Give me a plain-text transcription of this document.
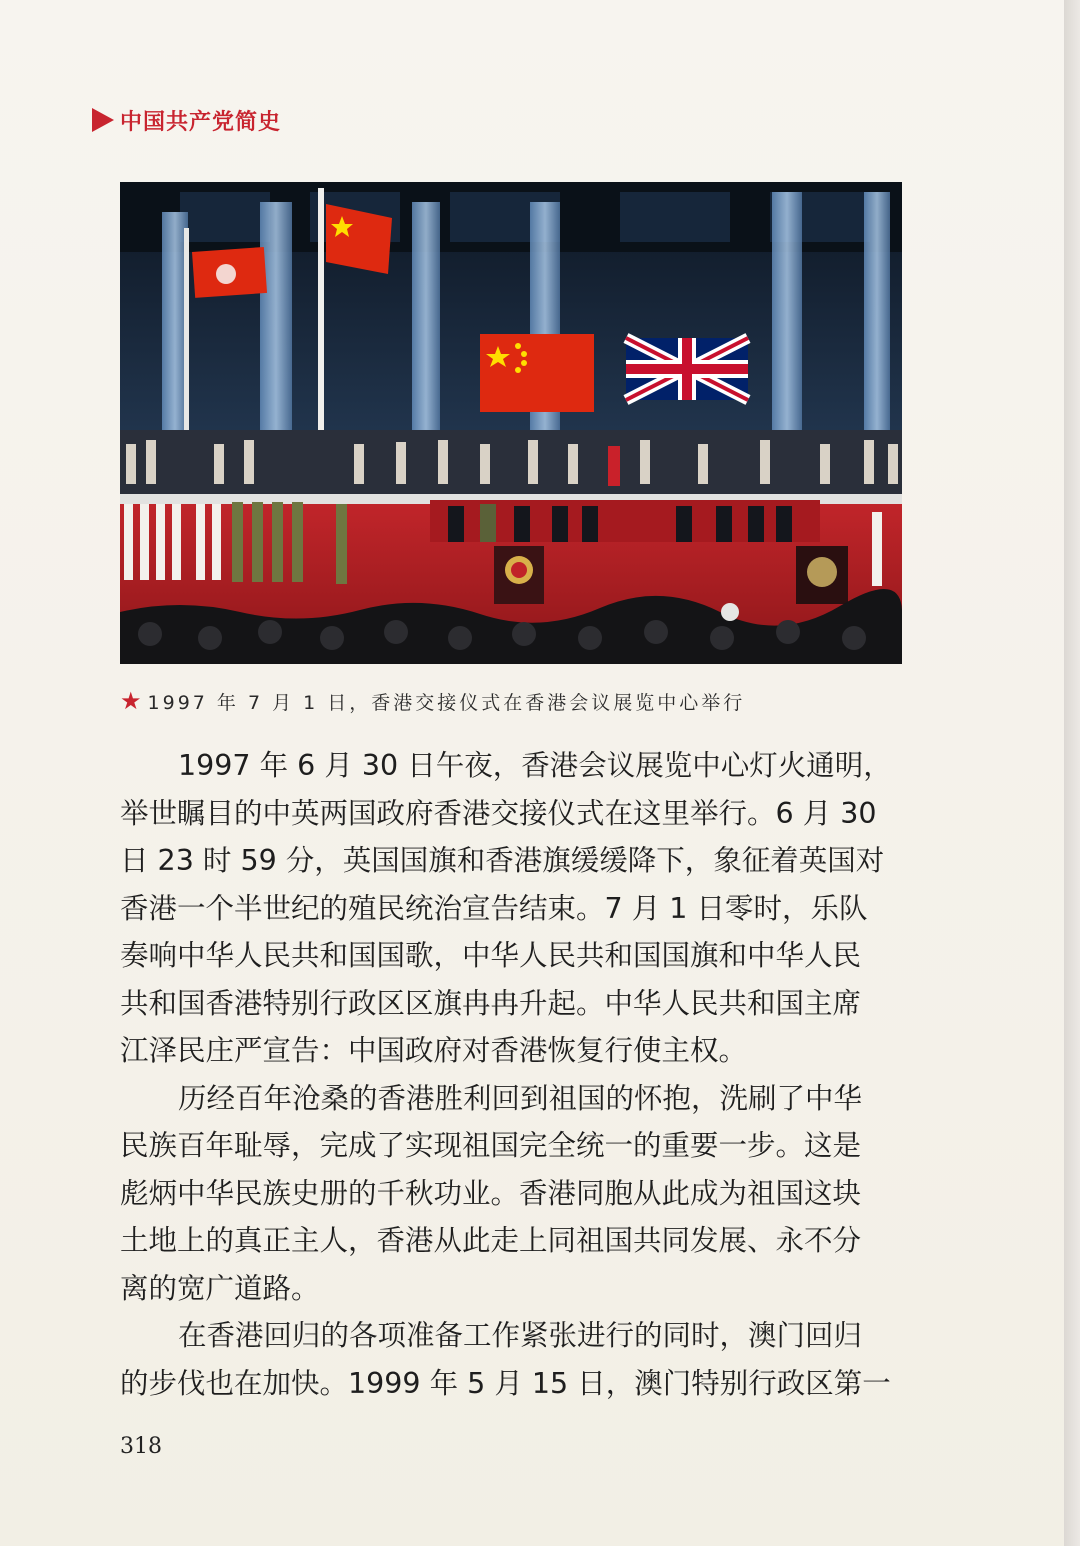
中国共产党简史
★ 1997 年 7 月 1 日，香港交接仪式在香港会议展览中心举行
1997 年 6 月 30 日午夜，香港会议展览中心灯火通明，
举世瞩目的中英两国政府香港交接仪式在这里举行。6 月 30
日 23 时 59 分，英国国旗和香港旗缓缓降下，象征着英国对
香港一个半世纪的殖民统治宣告结束。7 月 1 日零时，乐队
奏响中华人民共和国国歌，中华人民共和国国旗和中华人民
共和国香港特别行政区区旗冉冉升起。中华人民共和国主席
江泽民庄严宣告：中国政府对香港恢复行使主权。
历经百年沧桑的香港胜利回到祖国的怀抱，洗刷了中华
民族百年耻辱，完成了实现祖国完全统一的重要一步。这是
彪炳中华民族史册的千秋功业。香港同胞从此成为祖国这块
土地上的真正主人，香港从此走上同祖国共同发展、永不分
离的宽广道路。
在香港回归的各项准备工作紧张进行的同时，澳门回归
的步伐也在加快。1999 年 5 月 15 日，澳门特别行政区第一
318
